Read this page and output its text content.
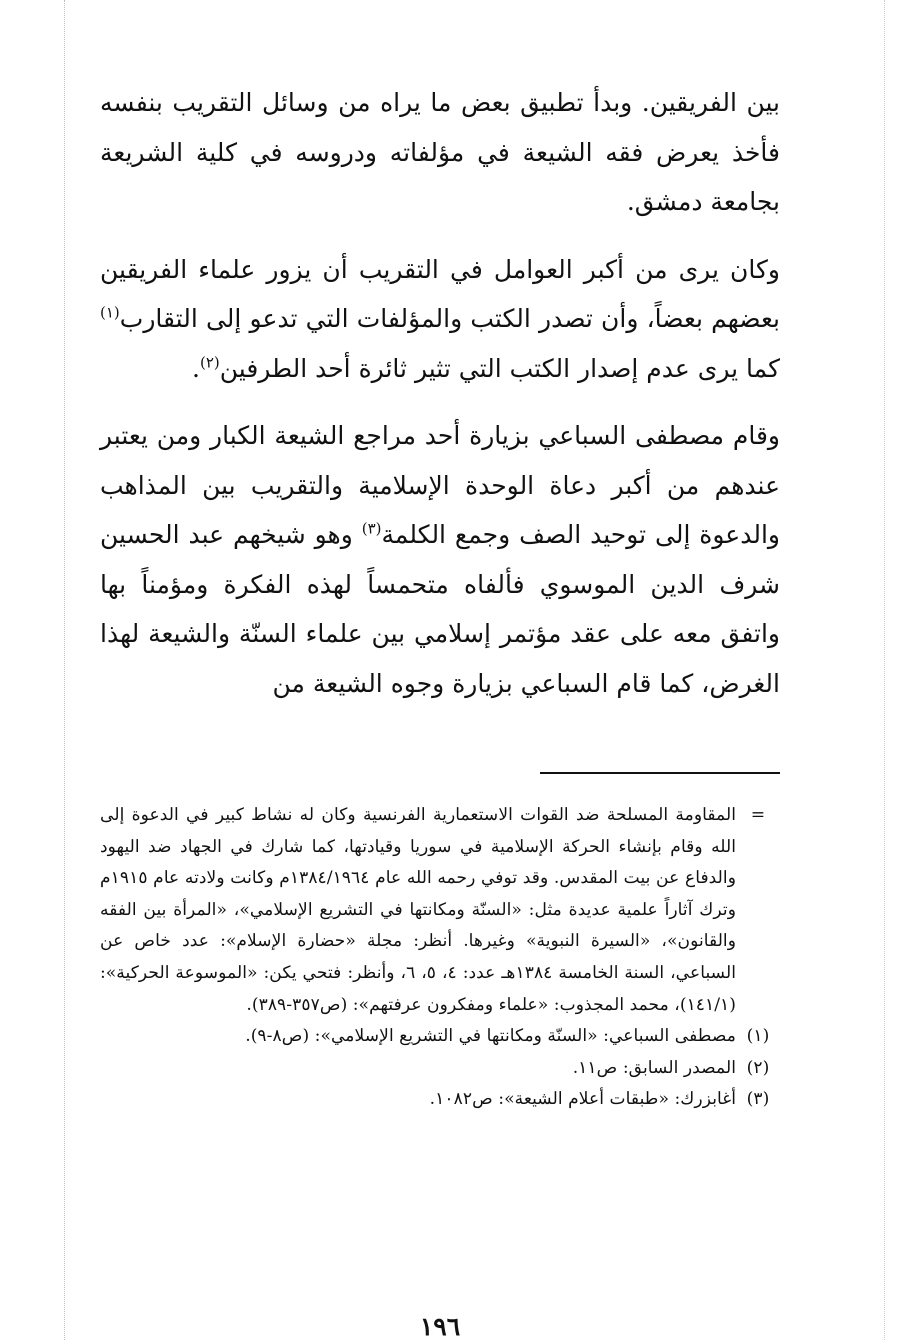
بين الفريقين. وبدأ تطبيق بعض ما يراه من وسائل التقريب بنفسه فأخذ يعرض فقه الشيعة في مؤلفاته ودروسه في كلية الشريعة بجامعة دمشق.

وكان يرى من أكبر العوامل في التقريب أن يزور علماء الفريقين بعضهم بعضاً، وأن تصدر الكتب والمؤلفات التي تدعو إلى التقارب$^{(١)}$ كما يرى عدم إصدار الكتب التي تثير ثائرة أحد الطرفين$^{(٢)}$.

وقام مصطفى السباعي بزيارة أحد مراجع الشيعة الكبار ومن يعتبر عندهم من أكبر دعاة الوحدة الإسلامية والتقريب بين المذاهب والدعوة إلى توحيد الصف وجمع الكلمة$^{(٣)}$ وهو شيخهم عبد الحسين شرف الدين الموسوي فألفاه متحمساً لهذه الفكرة ومؤمناً بها واتفق معه على عقد مؤتمر إسلامي بين علماء السنّة والشيعة لهذا الغرض، كما قام السباعي بزيارة وجوه الشيعة من

=
المقاومة المسلحة ضد القوات الاستعمارية الفرنسية وكان له نشاط كبير في الدعوة إلى الله وقام بإنشاء الحركة الإسلامية في سوريا وقيادتها، كما شارك في الجهاد ضد اليهود والدفاع عن بيت المقدس. وقد توفي رحمه الله عام ١٣٨٤/١٩٦٤م وكانت ولادته عام ١٩١٥م وترك آثاراً علمية عديدة مثل: «السنّة ومكانتها في التشريع الإسلامي»، «المرأة بين الفقه والقانون»، «السيرة النبوية» وغيرها. أنظر: مجلة «حضارة الإسلام»: عدد خاص عن السباعي، السنة الخامسة ١٣٨٤هـ عدد: ٤، ٥، ٦، وأنظر: فتحي يكن: «الموسوعة الحركية»: (١٤١/١)، محمد المجذوب: «علماء ومفكرون عرفتهم»: (ص٣٥٧-٣٨٩).
(١)
مصطفى السباعي: «السنّة ومكانتها في التشريع الإسلامي»: (ص٨-٩).
(٢)
المصدر السابق: ص١١.
(٣)
أغابزرك: «طبقات أعلام الشيعة»: ص١٠٨٢.
١٩٦
